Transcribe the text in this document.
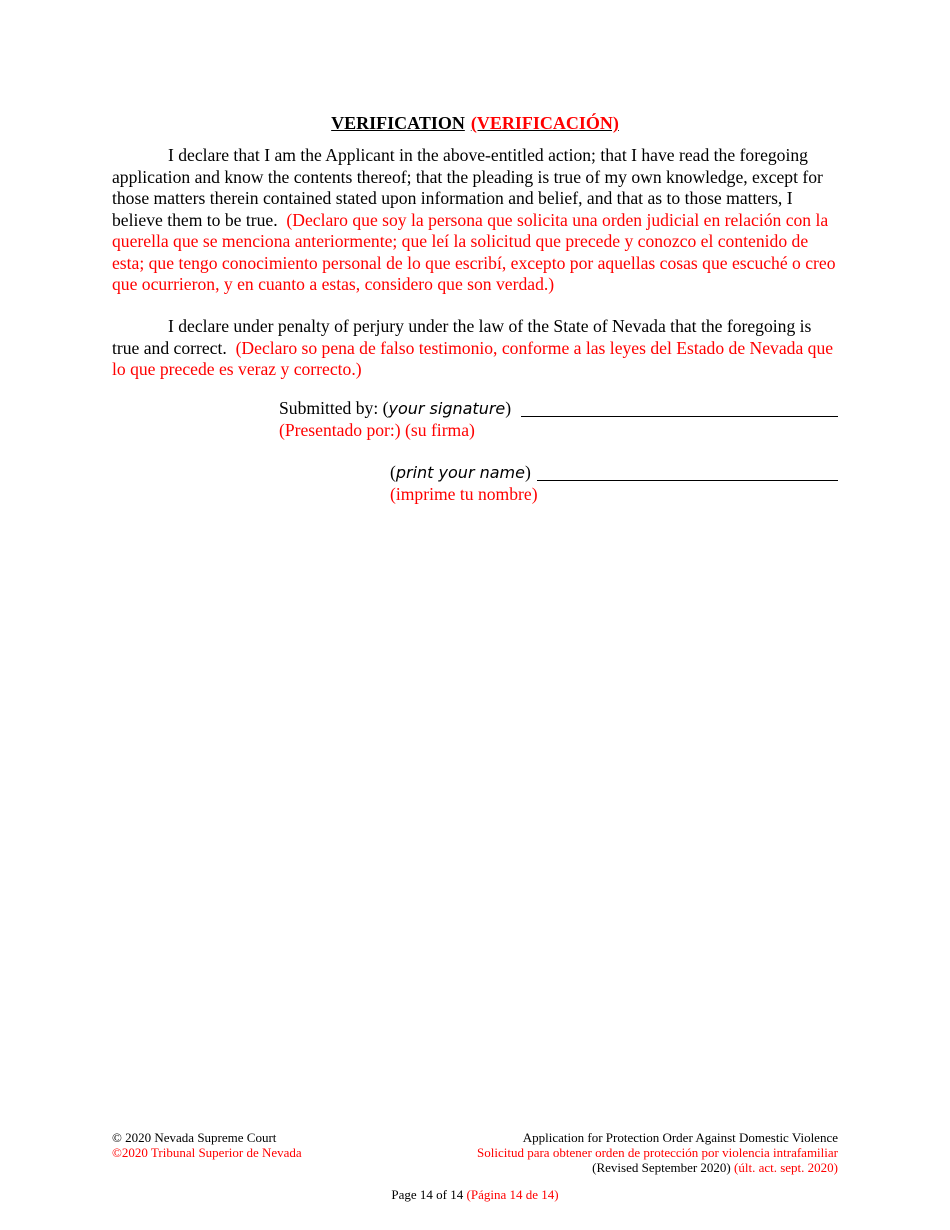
VERIFICATION (VERIFICACIÓN)
I declare that I am the Applicant in the above-entitled action; that I have read the foregoing application and know the contents thereof; that the pleading is true of my own knowledge, except for those matters therein contained stated upon information and belief, and that as to those matters, I believe them to be true. (Declaro que soy la persona que solicita una orden judicial en relación con la querella que se menciona anteriormente; que leí la solicitud que precede y conozco el contenido de esta; que tengo conocimiento personal de lo que escribí, excepto por aquellas cosas que escuché o creo que ocurrieron, y en cuanto a estas, considero que son verdad.)
I declare under penalty of perjury under the law of the State of Nevada that the foregoing is true and correct. (Declaro so pena de falso testimonio, conforme a las leyes del Estado de Nevada que lo que precede es veraz y correcto.)
Submitted by: (your signature)
(Presentado por:) (su firma)
(print your name)
(imprime tu nombre)
© 2020 Nevada Supreme Court
©2020 Tribunal Superior de Nevada
Application for Protection Order Against Domestic Violence
Solicitud para obtener orden de protección por violencia intrafamiliar
(Revised September 2020) (últ. act. sept. 2020)
Page 14 of 14 (Página 14 de 14)
